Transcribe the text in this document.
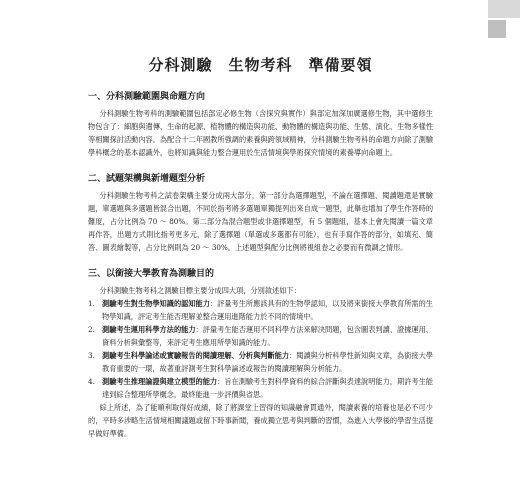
分科測驗　生物考科　準備要領
一、分科測驗範圍與命題方向

分科測驗生物考科的測驗範圍包括部定必修生物（含探究與實作）與部定加深加廣選修生物，其中選修生物包含了：細胞與遺傳、生命的起源、植物體的構造與功能、動物體的構造與功能、生態、演化、生物多樣性等相關探討活動內容。為配合十二年國教所強調的素養與跨領域精神，分科測驗生物考科的命題方向除了測驗學科概念的基本認識外，也將知識與能力整合運用於生活情境與學術探究情境的素養導向命題上。

二、試題架構與新增題型分析

分科測驗生物考科之試卷架構主要分成兩大部分，第一部分為選擇題型，不論在選擇題、閱讀題還是實驗題，單選題與多選題皆混合出題，不同於指考將多選題單獨提列出來自成一題型，此舉也增加了學生作答時的難度，占分比例為 70 ～ 80%。第二部分為混合題型或非選擇題型，有 5 個題組，基本上會先閱讀一篇文章再作答，出題方式則比指考更多元，除了選擇題（單選或多選都有可能），也有手寫作答的部分，如填充、簡答、圖表繪製等，占分比例則為 20 ～ 30%。上述題型與配分比例將視組卷之必要而有微調之情形。

三、以銜接大學教育為測驗目的

分科測驗生物考科之測驗目標主要分成四大項，分別敘述如下：

1. 測驗考生對生物學知識的認知能力：評量考生所應該具有的生物學認知，以及將來銜接大學教育所需的生物學知識，評定考生能否理解並整合運用進階能力於不同的情境中。
2. 測驗考生運用科學方法的能力：評量考生能否運用不同科學方法來解決問題，包含圖表判讀、證據運用、資料分析與彙整等，來評定考生應用所學知識的能力。
3. 測驗考生科學論述或實驗報告的閱讀理解、分析與判斷能力：閱讀與分析科學性新知與文章，為銜接大學教育重要的一環，故著重評測考生對科學論述或報告的閱讀理解與分析能力。
4. 測驗考生推理論證與建立模型的能力：旨在測驗考生對科學資料的綜合評斷與表達說明能力，期許考生能達到綜合整理所學概念，最終能進一步評價與省思。

綜上所述，為了能順利取得好成績，除了將課堂上習得的知識融會貫通外，閱讀素養的培養也是必不可少的，平時多涉略生活情境相關議題或留下時事新聞，養成獨立思考與判斷的習慣，為進入大學後的學習生活提早做好準備。
